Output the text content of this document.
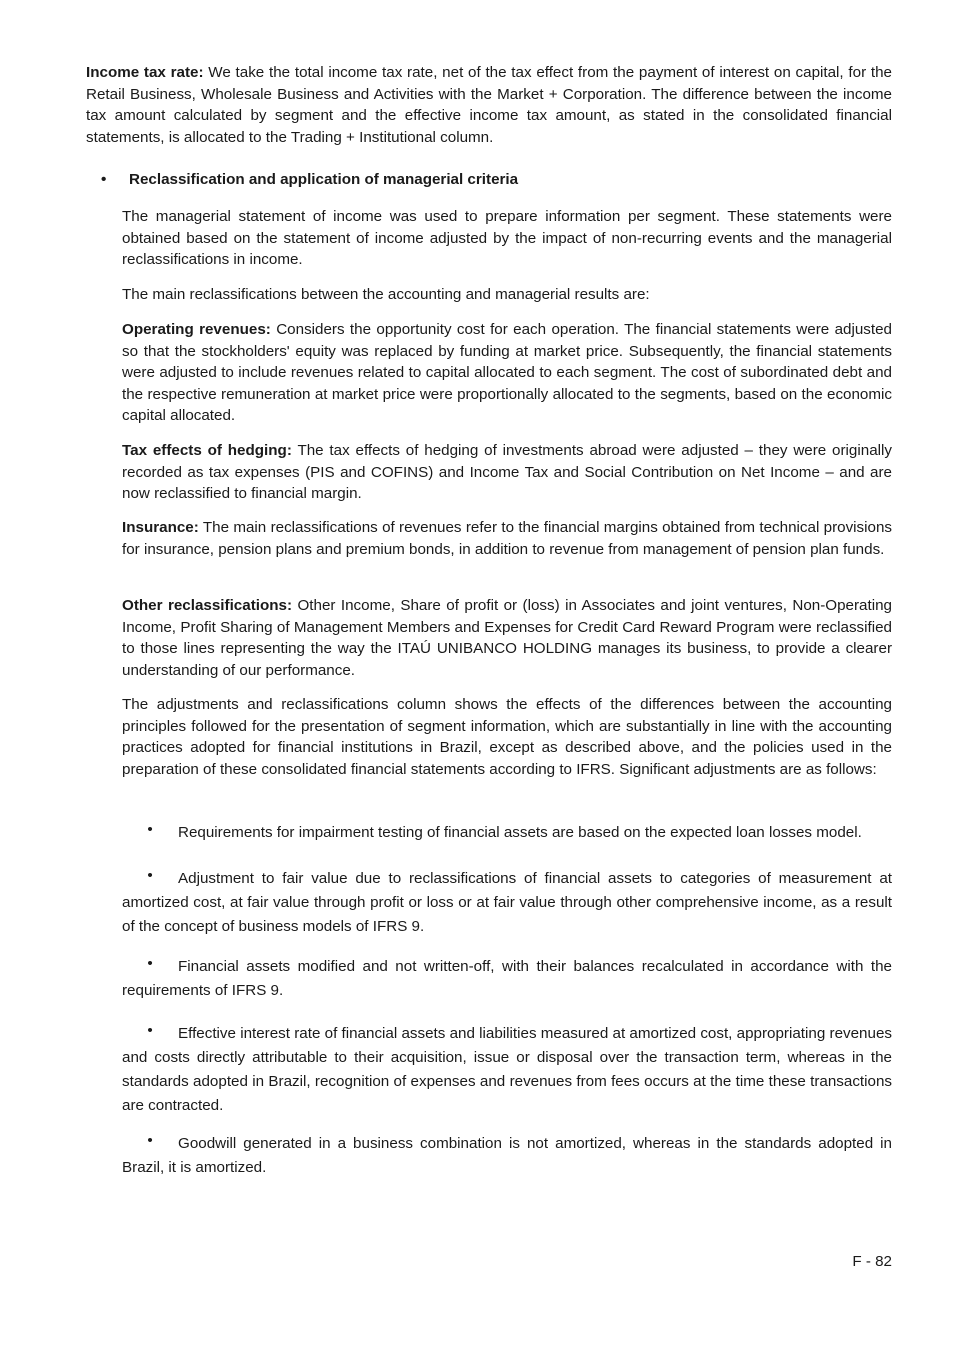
Income tax rate: We take the total income tax rate, net of the tax effect from the payment of interest on capital, for the Retail Business, Wholesale Business and Activities with the Market + Corporation. The difference between the income tax amount calculated by segment and the effective income tax amount, as stated in the consolidated financial statements, is allocated to the Trading + Institutional column.

• Reclassification and application of managerial criteria

The managerial statement of income was used to prepare information per segment. These statements were obtained based on the statement of income adjusted by the impact of non-recurring events and the managerial reclassifications in income.

The main reclassifications between the accounting and managerial results are:

Operating revenues: Considers the opportunity cost for each operation. The financial statements were adjusted so that the stockholders' equity was replaced by funding at market price. Subsequently, the financial statements were adjusted to include revenues related to capital allocated to each segment. The cost of subordinated debt and the respective remuneration at market price were proportionally allocated to the segments, based on the economic capital allocated.

Tax effects of hedging: The tax effects of hedging of investments abroad were adjusted – they were originally recorded as tax expenses (PIS and COFINS) and Income Tax and Social Contribution on Net Income – and are now reclassified to financial margin.

Insurance: The main reclassifications of revenues refer to the financial margins obtained from technical provisions for insurance, pension plans and premium bonds, in addition to revenue from management of pension plan funds.

Other reclassifications: Other Income, Share of profit or (loss) in Associates and joint ventures, Non-Operating Income, Profit Sharing of Management Members and Expenses for Credit Card Reward Program were reclassified to those lines representing the way the ITAÚ UNIBANCO HOLDING manages its business, to provide a clearer understanding of our performance.

The adjustments and reclassifications column shows the effects of the differences between the accounting principles followed for the presentation of segment information, which are substantially in line with the accounting practices adopted for financial institutions in Brazil, except as described above, and the policies used in the preparation of these consolidated financial statements according to IFRS. Significant adjustments are as follows:

• Requirements for impairment testing of financial assets are based on the expected loan losses model.

• Adjustment to fair value due to reclassifications of financial assets to categories of measurement at amortized cost, at fair value through profit or loss or at fair value through other comprehensive income, as a result of the concept of business models of IFRS 9.

• Financial assets modified and not written-off, with their balances recalculated in accordance with the requirements of IFRS 9.

• Effective interest rate of financial assets and liabilities measured at amortized cost, appropriating revenues and costs directly attributable to their acquisition, issue or disposal over the transaction term, whereas in the standards adopted in Brazil, recognition of expenses and revenues from fees occurs at the time these transactions are contracted.

• Goodwill generated in a business combination is not amortized, whereas in the standards adopted in Brazil, it is amortized.

F - 82
